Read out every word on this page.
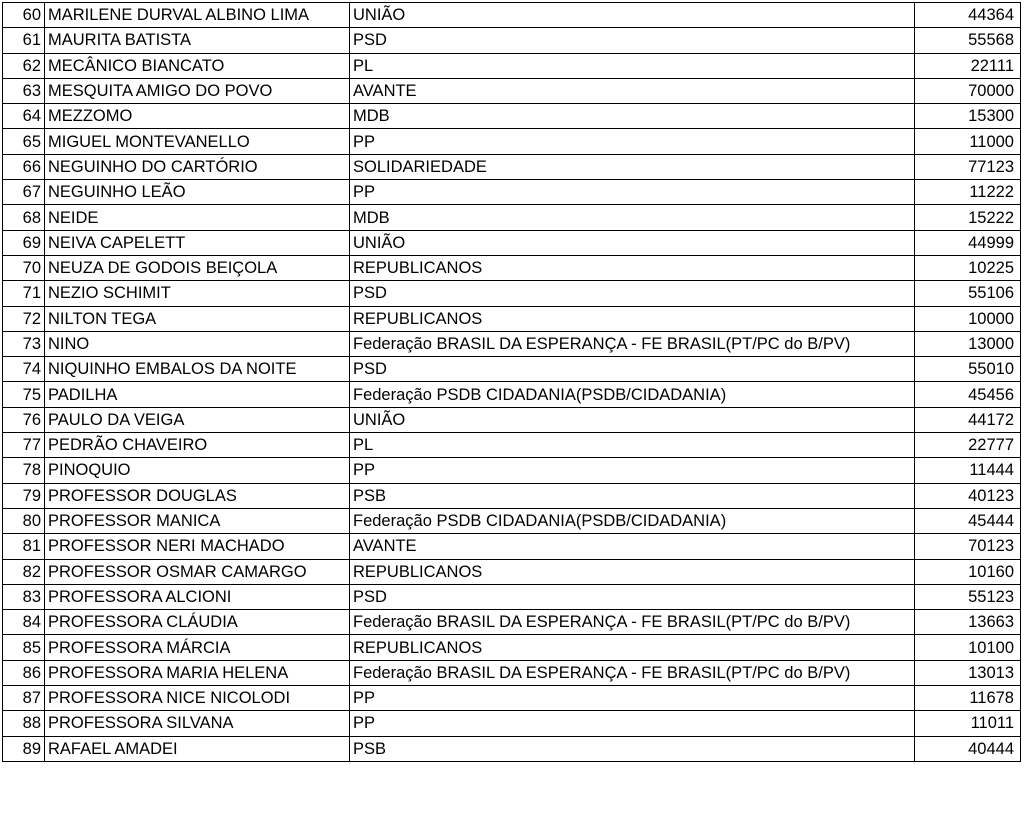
60	MARILENE DURVAL ALBINO LIMA	UNIÃO	44364
61	MAURITA BATISTA	PSD	55568
62	MECÂNICO BIANCATO	PL	22111
63	MESQUITA AMIGO DO POVO	AVANTE	70000
64	MEZZOMO	MDB	15300
65	MIGUEL MONTEVANELLO	PP	11000
66	NEGUINHO DO CARTÓRIO	SOLIDARIEDADE	77123
67	NEGUINHO LEÃO	PP	11222
68	NEIDE	MDB	15222
69	NEIVA CAPELETT	UNIÃO	44999
70	NEUZA DE GODOIS BEIÇOLA	REPUBLICANOS	10225
71	NEZIO SCHIMIT	PSD	55106
72	NILTON TEGA	REPUBLICANOS	10000
73	NINO	Federação BRASIL DA ESPERANÇA - FE BRASIL(PT/PC do B/PV)	13000
74	NIQUINHO EMBALOS DA NOITE	PSD	55010
75	PADILHA	Federação PSDB CIDADANIA(PSDB/CIDADANIA)	45456
76	PAULO DA VEIGA	UNIÃO	44172
77	PEDRÃO CHAVEIRO	PL	22777
78	PINOQUIO	PP	11444
79	PROFESSOR DOUGLAS	PSB	40123
80	PROFESSOR MANICA	Federação PSDB CIDADANIA(PSDB/CIDADANIA)	45444
81	PROFESSOR NERI MACHADO	AVANTE	70123
82	PROFESSOR OSMAR CAMARGO	REPUBLICANOS	10160
83	PROFESSORA ALCIONI	PSD	55123
84	PROFESSORA CLÁUDIA	Federação BRASIL DA ESPERANÇA - FE BRASIL(PT/PC do B/PV)	13663
85	PROFESSORA MÁRCIA	REPUBLICANOS	10100
86	PROFESSORA MARIA HELENA	Federação BRASIL DA ESPERANÇA - FE BRASIL(PT/PC do B/PV)	13013
87	PROFESSORA NICE NICOLODI	PP	11678
88	PROFESSORA SILVANA	PP	11011
89	RAFAEL AMADEI	PSB	40444
